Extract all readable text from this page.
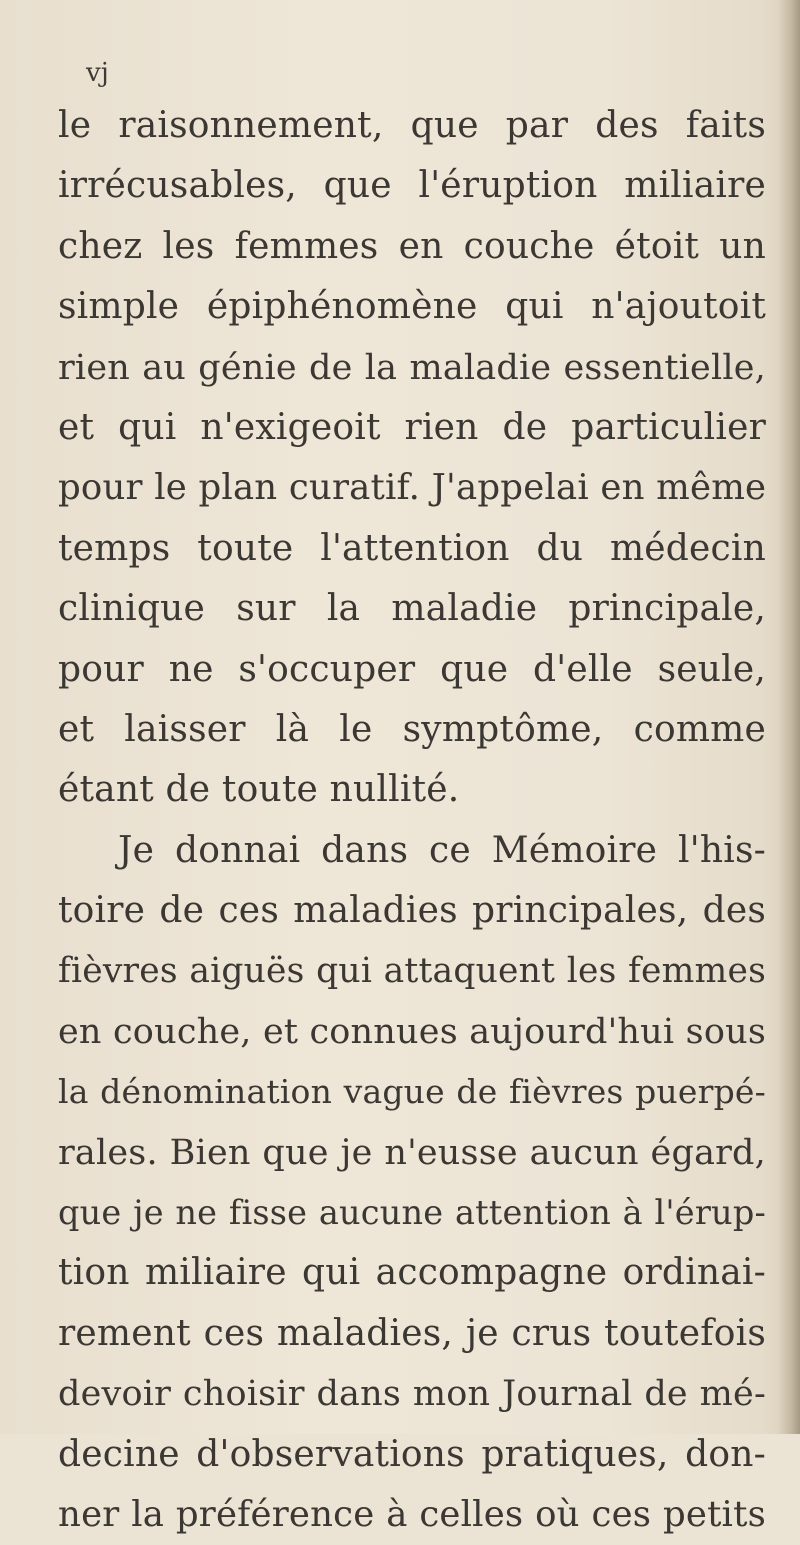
vj

le raisonnement, que par des faits
irrécusables, que l'éruption miliaire
chez les femmes en couche étoit un
simple épiphénomène qui n'ajoutoit
rien au génie de la maladie essentielle,
et qui n'exigeoit rien de particulier
pour le plan curatif. J'appelai en même
temps toute l'attention du médecin
clinique sur la maladie principale,
pour ne s'occuper que d'elle seule,
et laisser là le symptôme, comme
étant de toute nullité.
Je donnai dans ce Mémoire l'his-
toire de ces maladies principales, des
fièvres aiguës qui attaquent les femmes
en couche, et connues aujourd'hui sous
la dénomination vague de fièvres puerpé-
rales. Bien que je n'eusse aucun égard,
que je ne fisse aucune attention à l'érup-
tion miliaire qui accompagne ordinai-
rement ces maladies, je crus toutefois
devoir choisir dans mon Journal de mé-
decine d'observations pratiques, don-
ner la préférence à celles où ces petits
